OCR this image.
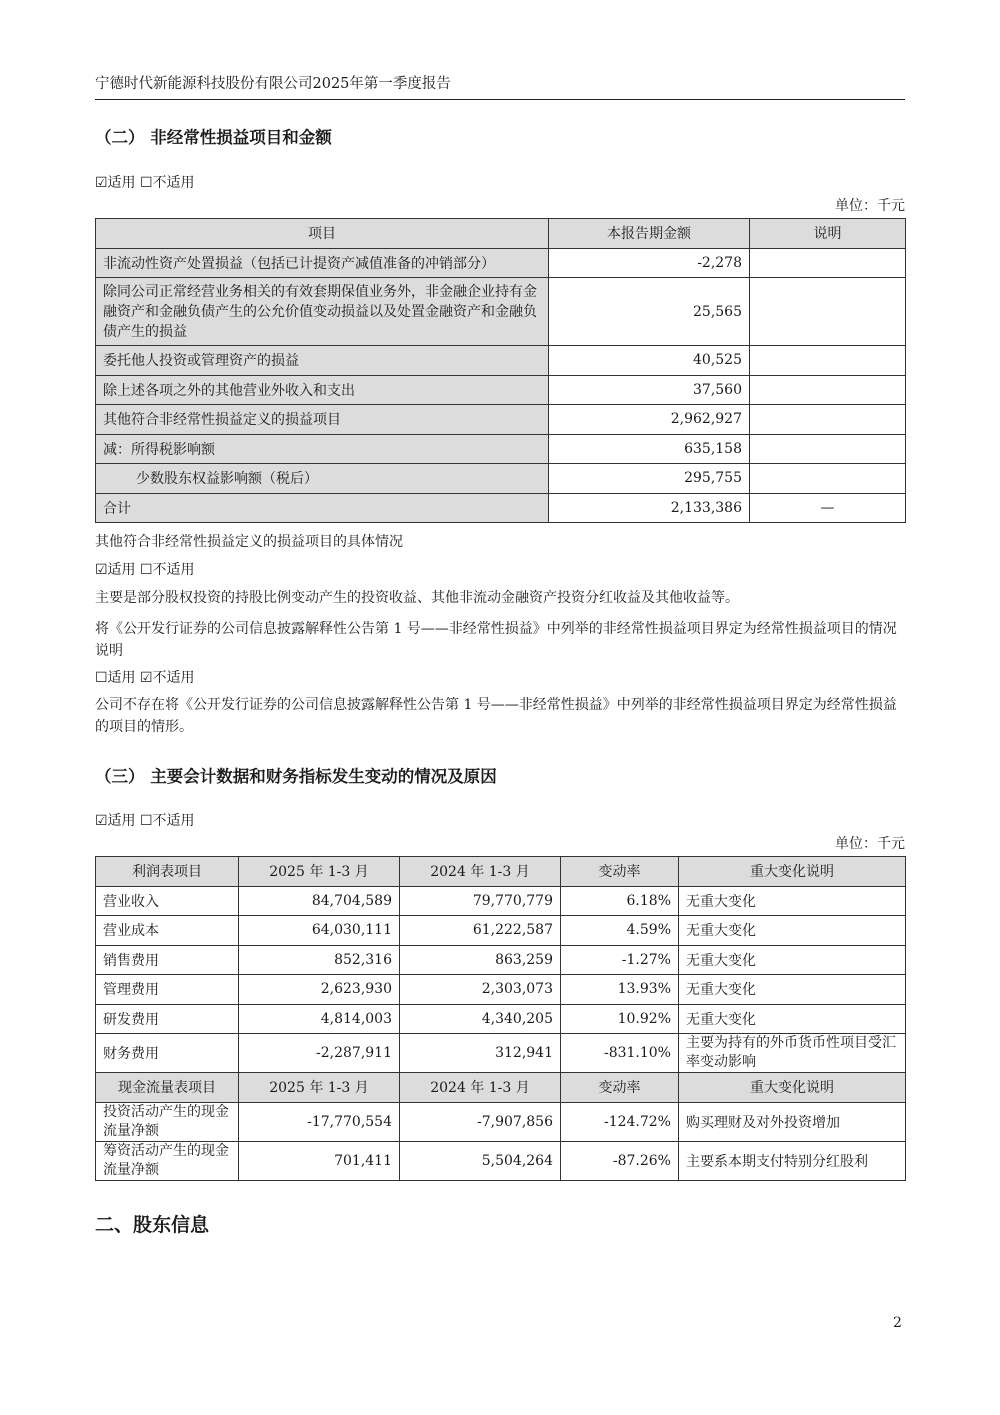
宁德时代新能源科技股份有限公司2025年第一季度报告
（二） 非经常性损益项目和金额
☑适用 ☐不适用
单位：千元
项目	本报告期金额	说明
非流动性资产处置损益（包括已计提资产减值准备的冲销部分）	-2,278	
除同公司正常经营业务相关的有效套期保值业务外，非金融企业持有金融资产和金融负债产生的公允价值变动损益以及处置金融资产和金融负债产生的损益	25,565	
委托他人投资或管理资产的损益	40,525	
除上述各项之外的其他营业外收入和支出	37,560	
其他符合非经常性损益定义的损益项目	2,962,927	
减：所得税影响额	635,158	
少数股东权益影响额（税后）	295,755	
合计	2,133,386	—
其他符合非经常性损益定义的损益项目的具体情况
☑适用 ☐不适用
主要是部分股权投资的持股比例变动产生的投资收益、其他非流动金融资产投资分红收益及其他收益等。
将《公开发行证券的公司信息披露解释性公告第 1 号——非经常性损益》中列举的非经常性损益项目界定为经常性损益项目的情况说明
☐适用 ☑不适用
公司不存在将《公开发行证券的公司信息披露解释性公告第 1 号——非经常性损益》中列举的非经常性损益项目界定为经常性损益的项目的情形。
（三） 主要会计数据和财务指标发生变动的情况及原因
☑适用 ☐不适用
单位：千元
利润表项目	2025 年 1-3 月	2024 年 1-3 月	变动率	重大变化说明
营业收入	84,704,589	79,770,779	6.18%	无重大变化
营业成本	64,030,111	61,222,587	4.59%	无重大变化
销售费用	852,316	863,259	-1.27%	无重大变化
管理费用	2,623,930	2,303,073	13.93%	无重大变化
研发费用	4,814,003	4,340,205	10.92%	无重大变化
财务费用	-2,287,911	312,941	-831.10%	主要为持有的外币货币性项目受汇率变动影响
现金流量表项目	2025 年 1-3 月	2024 年 1-3 月	变动率	重大变化说明
投资活动产生的现金流量净额	-17,770,554	-7,907,856	-124.72%	购买理财及对外投资增加
筹资活动产生的现金流量净额	701,411	5,504,264	-87.26%	主要系本期支付特别分红股利
二、股东信息
2
